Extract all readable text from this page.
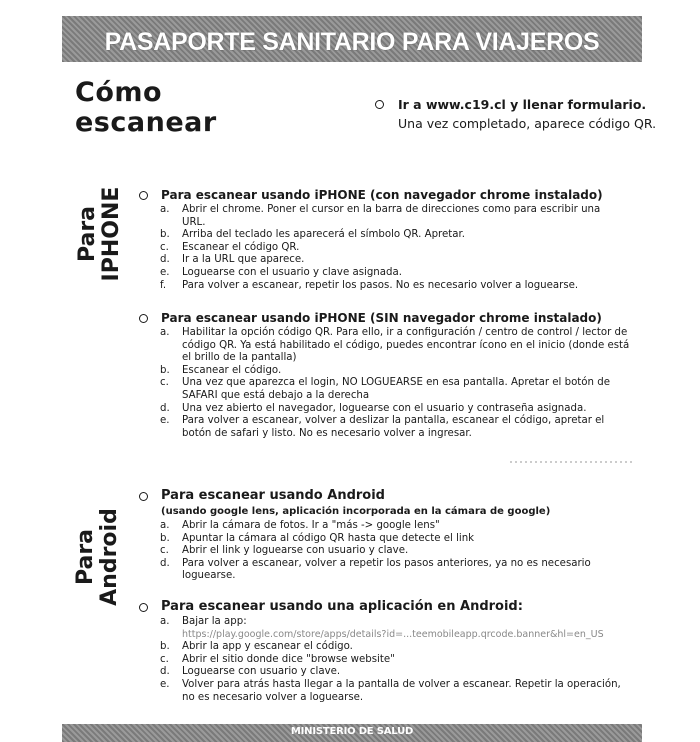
PASAPORTE SANITARIO PARA VIAJEROS
Cómo
escanear
Ir a www.c19.cl y llenar formulario.
Una vez completado, aparece código QR.
Para IPHONE	Para escanear usando iPHONE (con navegador chrome instalado)
a.	Abrir el chrome. Poner el cursor en la barra de direcciones como para escribir una URL.
b.	Arriba del teclado les aparecerá el símbolo QR. Apretar.
c.	Escanear el código QR.
d.	Ir a la URL que aparece.
e.	Loguearse con el usuario y clave asignada.
f.	Para volver a escanear, repetir los pasos. No es necesario volver a loguearse.
Para escanear usando iPHONE (SIN navegador chrome instalado)
a.	Habilitar la opción código QR. Para ello, ir a configuración / centro de control / lector de código QR. Ya está habilitado el código, puedes encontrar ícono en el inicio (donde está el brillo de la pantalla)
b.	Escanear el código.
c.	Una vez que aparezca el login, NO LOGUEARSE en esa pantalla. Apretar el botón de SAFARI que está debajo a la derecha
d.	Una vez abierto el navegador, loguearse con el usuario y contraseña asignada.
e.	Para volver a escanear, volver a deslizar la pantalla, escanear el código, apretar el botón de safari y listo. No es necesario volver a ingresar.
Para Android
Para escanear usando Android
(usando google lens, aplicación incorporada en la cámara de google)
a.	Abrir la cámara de fotos. Ir a "más -> google lens"
b.	Apuntar la cámara al código QR hasta que detecte el link
c.	Abrir el link y loguearse con usuario y clave.
d.	Para volver a escanear, volver a repetir los pasos anteriores, ya no es necesario loguearse.
Para escanear usando una aplicación en Android:
a.	Bajar la app:
https://play.google.com/store/apps/details?id=...teemobileapp.qrcode.banner&hl=en_US
b.	Abrir la app y escanear el código.
c.	Abrir el sitio donde dice "browse website"
d.	Loguearse con usuario y clave.
e.	Volver para atrás hasta llegar a la pantalla de volver a escanear. Repetir la operación, no es necesario volver a loguearse.
MINISTERIO DE SALUD
